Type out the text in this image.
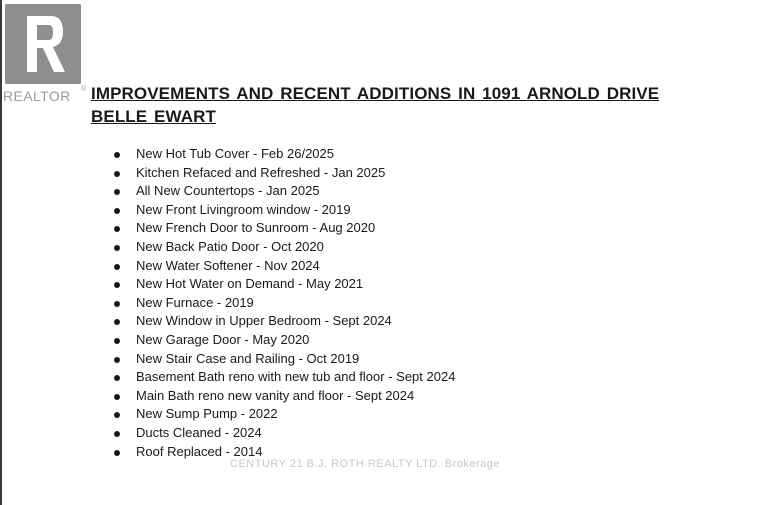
REALTOR ® IMPROVEMENTS AND RECENT ADDITIONS IN 1091 ARNOLD DRIVE
BELLE EWART
New Hot Tub Cover - Feb 26/2025
Kitchen Refaced and Refreshed - Jan 2025
All New Countertops - Jan 2025
New Front Livingroom window - 2019
New French Door to Sunroom - Aug 2020
New Back Patio Door - Oct 2020
New Water Softener - Nov 2024
New Hot Water on Demand - May 2021
New Furnace - 2019
New Window in Upper Bedroom - Sept 2024
New Garage Door - May 2020
New Stair Case and Railing - Oct 2019
Basement Bath reno with new tub and floor - Sept 2024
Main Bath reno new vanity and floor - Sept 2024
New Sump Pump - 2022
Ducts Cleaned - 2024
Roof Replaced - 2014
CENTURY 21 B.J. ROTH REALTY LTD. Brokerage
